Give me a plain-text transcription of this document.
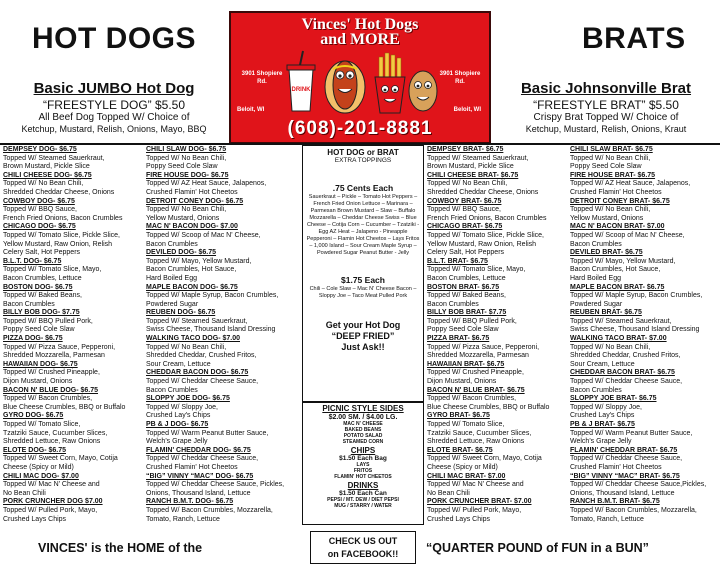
HOT DOGS	BRATS
Vinces' Hot Dogs
and MORE
3901 Shopiere Rd.
3901 Shopiere Rd.
Beloit, WI	Beloit, WI
DRINK
(608)-201-8881
Basic JUMBO Hot Dog
“FREESTYLE DOG” $5.50
All Beef Dog Topped W/ Choice of
Ketchup, Mustard, Relish, Onions, Mayo, BBQ
Basic Johnsonville Brat
“FREESTYLE BRAT” $5.50
Crispy Brat Topped W/ Choice of
Ketchup, Mustard, Relish, Onions, Kraut
DEMPSEY DOG- $6.75
Topped W/ Steamed Sauerkraut,
Brown Mustard, Pickle Slice
CHILI CHEESE DOG- $6.75
Topped W/ No Bean Chili,
Shredded Cheddar Cheese, Onions
COWBOY DOG- $6.75
Topped W/ BBQ Sauce,
French Fried Onions, Bacon Crumbles
CHICAGO DOG- $6.75
Topped W/ Tomato Slice, Pickle Slice,
Yellow Mustard, Raw Onion, Relish
Celery Salt, Hot Peppers
B.L.T. DOG- $6.75
Topped W/ Tomato Slice, Mayo,
Bacon Crumbles, Lettuce
BOSTON DOG- $6.75
Topped W/ Baked Beans,
Bacon Crumbles
BILLY BOB DOG- $7.75
Topped W/ BBQ Pulled Pork,
Poppy Seed Cole Slaw
PIZZA DOG- $6.75
Topped W/ Pizza Sauce, Pepperoni,
Shredded Mozzarella, Parmesan
HAWAIIAN DOG- $6.75
Topped W/ Crushed Pineapple,
Dijon Mustard, Onions
BACON N' BLUE DOG- $6.75
Topped W/ Bacon Crumbles,
Blue Cheese Crumbles, BBQ or Buffalo
GYRO DOG- $6.75
Topped W/ Tomato Slice,
Tzatziki Sauce, Cucumber Slices,
Shredded Lettuce, Raw Onions
ELOTE DOG- $6.75
Topped W/ Sweet Corn, Mayo, Cotija
Cheese (Spicy or Mild)
CHILI MAC DOG- $7.00
Topped W/ Mac N' Cheese and
No Bean Chili
PORK CRUNCHER DOG $7.00
Topped W/ Pulled Pork, Mayo,
Crushed Lays Chips
CHILI SLAW DOG- $6.75
Topped W/ No Bean Chili,
Poppy Seed Cole Slaw
FIRE HOUSE DOG- $6.75
Topped W/ AZ Heat Sauce, Jalapenos,
Crushed Flamin' Hot Cheetos
DETROIT CONEY DOG- $6.75
Topped W/ No Bean Chili,
Yellow Mustard, Onions
MAC N' BACON DOG- $7.00
Topped W/ Scoop of Mac N' Cheese,
Bacon Crumbles
DEVILED DOG- $6.75
Topped W/ Mayo, Yellow Mustard,
Bacon Crumbles, Hot Sauce,
Hard Boiled Egg
MAPLE BACON DOG- $6.75
Topped W/ Maple Syrup, Bacon Crumbles,
Powdered Sugar
REUBEN DOG- $6.75
Topped W/ Steamed Sauerkraut,
Swiss Cheese, Thousand Island Dressing
WALKING TACO DOG- $7.00
Topped W/ No Bean Chili,
Shredded Cheddar, Crushed Fritos,
Sour Cream, Lettuce
CHEDDAR BACON DOG- $6.75
Topped W/ Cheddar Cheese Sauce,
Bacon Crumbles
SLOPPY JOE DOG- $6.75
Topped W/ Sloppy Joe,
Crushed Lay's Chips
PB & J DOG- $6.75
Topped W/ Warm Peanut Butter Sauce,
Welch's Grape Jelly
FLAMIN' CHEDDAR DOG- $6.75
Topped W/ Cheddar Cheese Sauce,
Crushed Flamin' Hot Cheetos
“BIG” VINNY “MAC” DOG- $6.75
Topped W/ Cheddar Cheese Sauce, Pickles,
Onions, Thousand Island, Lettuce
RANCH B.M.T. DOG- $6.75
Topped W/ Bacon Crumbles, Mozzarella,
Tomato, Ranch, Lettuce
DEMPSEY BRAT- $6.75
Topped W/ Steamed Sauerkraut,
Brown Mustard, Pickle Slice
CHILI CHEESE BRAT- $6.75
Topped W/ No Bean Chili,
Shredded Cheddar Cheese, Onions
COWBOY BRAT- $6.75
Topped W/ BBQ Sauce,
French Fried Onions, Bacon Crumbles
CHICAGO BRAT- $6.75
Topped W/ Tomato Slice, Pickle Slice,
Yellow Mustard, Raw Onion, Relish
Celery Salt, Hot Peppers
B.L.T. BRAT- $6.75
Topped W/ Tomato Slice, Mayo,
Bacon Crumbles, Lettuce
BOSTON BRAT- $6.75
Topped W/ Baked Beans,
Bacon Crumbles
BILLY BOB BRAT- $7.75
Topped W/ BBQ Pulled Pork,
Poppy Seed Cole Slaw
PIZZA BRAT- $6.75
Topped W/ Pizza Sauce, Pepperoni,
Shredded Mozzarella, Parmesan
HAWAIIAN BRAT- $6.75
Topped W/ Crushed Pineapple,
Dijon Mustard, Onions
BACON N' BLUE BRAT- $6.75
Topped W/ Bacon Crumbles,
Blue Cheese Crumbles, BBQ or Buffalo
GYRO BRAT- $6.75
Topped W/ Tomato Slice,
Tzatziki Sauce, Cucumber Slices,
Shredded Lettuce, Raw Onions
ELOTE BRAT- $6.75
Topped W/ Sweet Corn, Mayo, Cotija
Cheese (Spicy or Mild)
CHILI MAC BRAT- $7.00
Topped W/ Mac N' Cheese and
No Bean Chili
PORK CRUNCHER BRAT- $7.00
Topped W/ Pulled Pork, Mayo,
Crushed Lays Chips
CHILI SLAW BRAT- $6.75
Topped W/ No Bean Chili,
Poppy Seed Cole Slaw
FIRE HOUSE BRAT- $6.75
Topped W/ AZ Heat Sauce, Jalapenos,
Crushed Flamin' Hot Cheetos
DETROIT CONEY BRAT- $6.75
Topped W/ No Bean Chili,
Yellow Mustard, Onions
MAC N' BACON BRAT- $7.00
Topped W/ Scoop of Mac N' Cheese,
Bacon Crumbles
DEVILED BRAT- $6.75
Topped W/ Mayo, Yellow Mustard,
Bacon Crumbles, Hot Sauce,
Hard Boiled Egg
MAPLE BACON BRAT- $6.75
Topped W/ Maple Syrup, Bacon Crumbles,
Powdered Sugar
REUBEN BRAT- $6.75
Topped W/ Steamed Sauerkraut,
Swiss Cheese, Thousand Island Dressing
WALKING TACO BRAT- $7.00
Topped W/ No Bean Chili,
Shredded Cheddar, Crushed Fritos,
Sour Cream, Lettuce
CHEDDAR BACON BRAT- $6.75
Topped W/ Cheddar Cheese Sauce,
Bacon Crumbles
SLOPPY JOE BRAT- $6.75
Topped W/ Sloppy Joe,
Crushed Lay's Chips
PB & J BRAT- $6.75
Topped W/ Warm Peanut Butter Sauce,
Welch's Grape Jelly
FLAMIN' CHEDDAR BRAT- $6.75
Topped W/ Cheddar Cheese Sauce,
Crushed Flamin' Hot Cheetos
“BIG” VINNY “MAC” BRAT- $6.75
Topped W/ Cheddar Cheese Sauce,Pickles,
Onions, Thousand Island, Lettuce
RANCH B.M.T. BRAT- $6.75
Topped W/ Bacon Crumbles, Mozzarella,
Tomato, Ranch, Lettuce
HOT DOG or BRAT
EXTRA TOPPINGS
.75 Cents Each
Sauerkraut – Pickle – Tomato Hot Peppers – French Fried Onion Lettuce – Marinara – Parmesan Brown Mustard – Slaw – Buffalo Mozzarella – Cheddar Cheese Swiss – Blue Cheese – Cotija Corn – Cucumber – Tzatziki - Egg AZ Heat – Jalapeno - Pineapple Pepperoni – Flamin Hot Cheetos – Lays Fritos – 1,000 Island – Sour Cream Maple Syrup – Powdered Sugar Peanut Butter - Jelly
$1.75 Each
Chili – Cole Slaw – Mac N' Cheese Bacon – Sloppy Joe – Taco Meat Pulled Pork
Get your Hot Dog
“DEEP FRIED”
Just Ask!!
PICNIC STYLE SIDES
$2.00 SM. / $4.00 LG.
MAC N' CHEESE
BAKED BEANS
POTATO SALAD
STEAMED CORN
CHIPS
$1.50 Each Bag
LAYS
FRITOS
FLAMIN' HOT CHEETOS
DRINKS
$1.50 Each Can
PEPSI / MT. DEW / DIET PEPSI
MUG / STARRY / WATER
CHECK US OUT
on FACEBOOK!!
VINCES' is the HOME of the	“QUARTER POUND of FUN in a BUN”
